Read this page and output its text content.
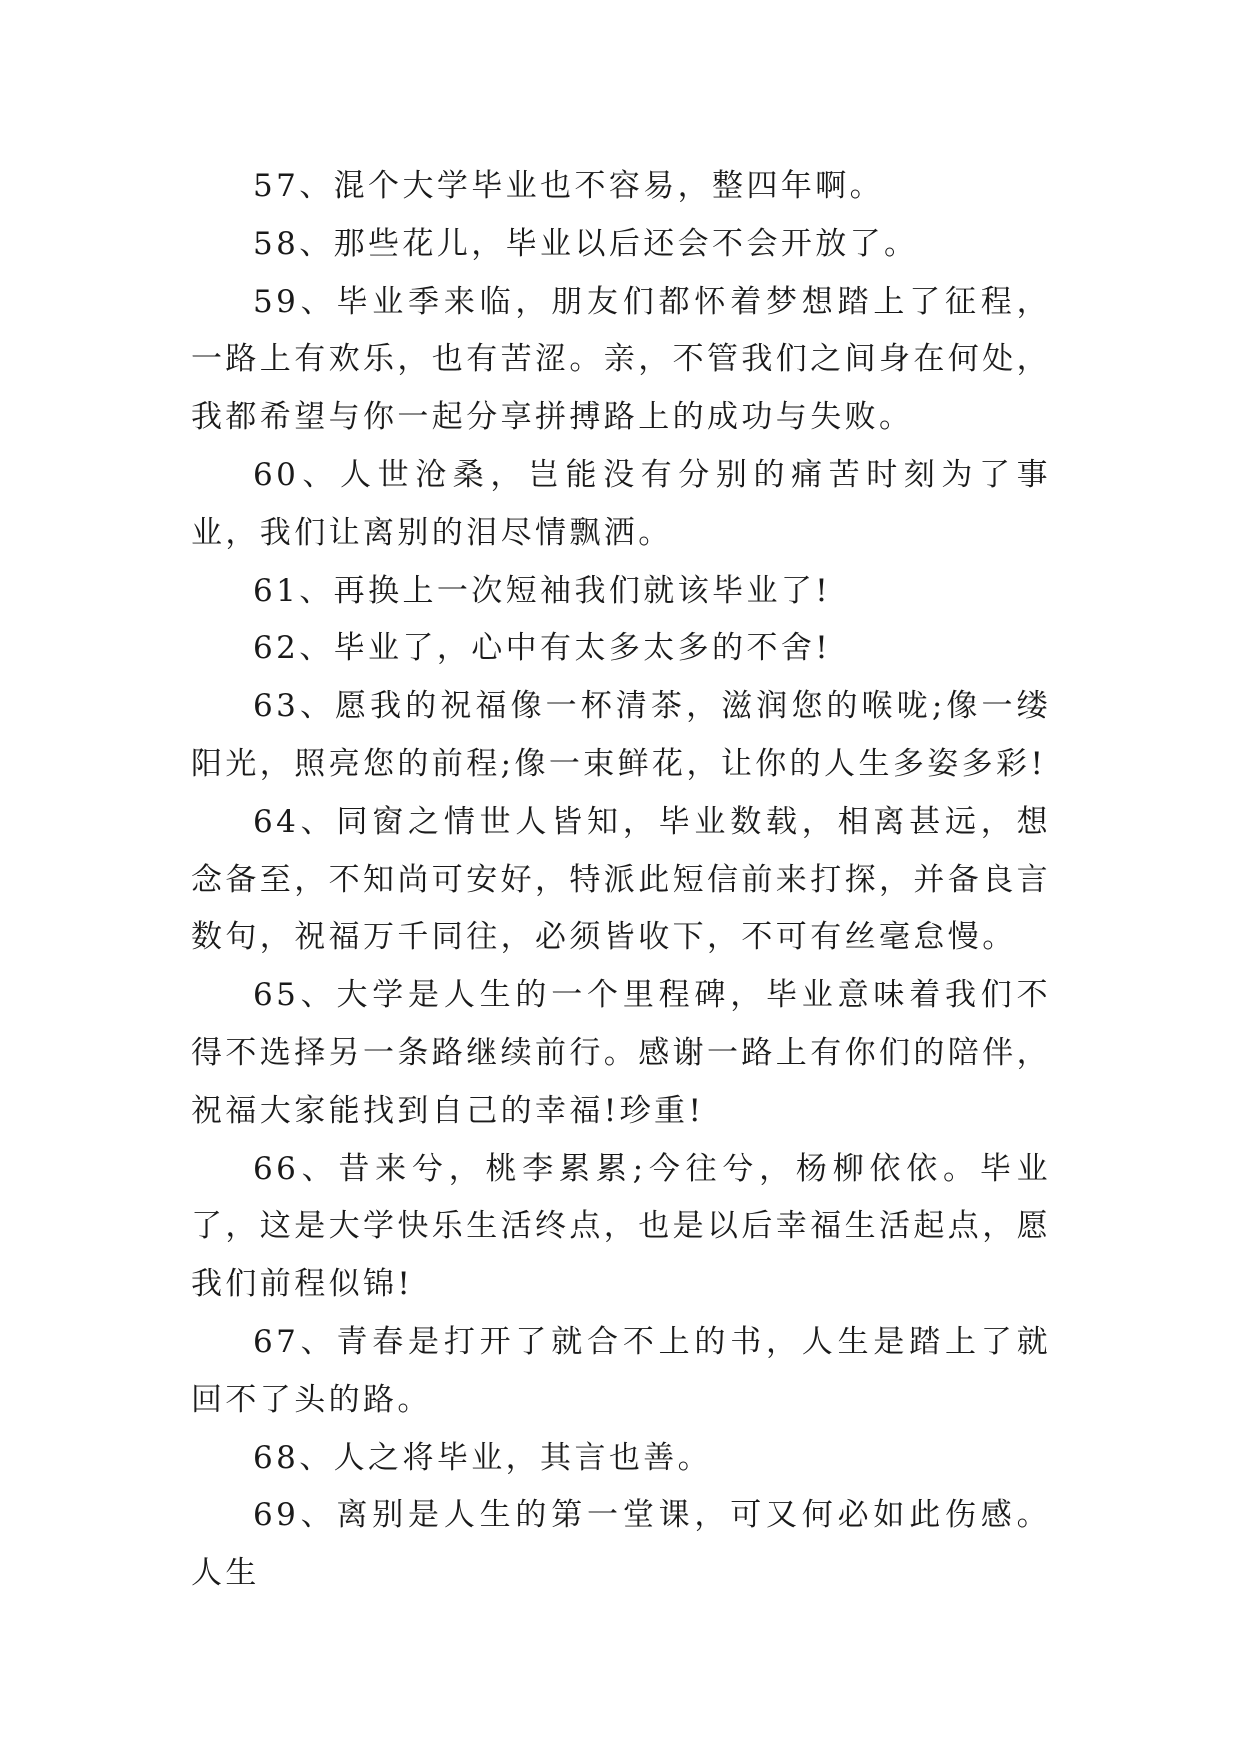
57、混个大学毕业也不容易，整四年啊。

58、那些花儿，毕业以后还会不会开放了。

59、毕业季来临，朋友们都怀着梦想踏上了征程，一路上有欢乐，也有苦涩。亲，不管我们之间身在何处，我都希望与你一起分享拼搏路上的成功与失败。

60、人世沧桑，岂能没有分别的痛苦时刻为了事业，我们让离别的泪尽情飘洒。

61、再换上一次短袖我们就该毕业了!

62、毕业了，心中有太多太多的不舍!

63、愿我的祝福像一杯清茶，滋润您的喉咙;像一缕阳光，照亮您的前程;像一束鲜花，让你的人生多姿多彩!

64、同窗之情世人皆知，毕业数载，相离甚远，想念备至，不知尚可安好，特派此短信前来打探，并备良言数句，祝福万千同往，必须皆收下，不可有丝毫怠慢。

65、大学是人生的一个里程碑，毕业意味着我们不得不选择另一条路继续前行。感谢一路上有你们的陪伴，祝福大家能找到自己的幸福!珍重!

66、昔来兮，桃李累累;今往兮，杨柳依依。毕业了，这是大学快乐生活终点，也是以后幸福生活起点，愿我们前程似锦!

67、青春是打开了就合不上的书，人生是踏上了就回不了头的路。

68、人之将毕业，其言也善。

69、离别是人生的第一堂课，可又何必如此伤感。人生
